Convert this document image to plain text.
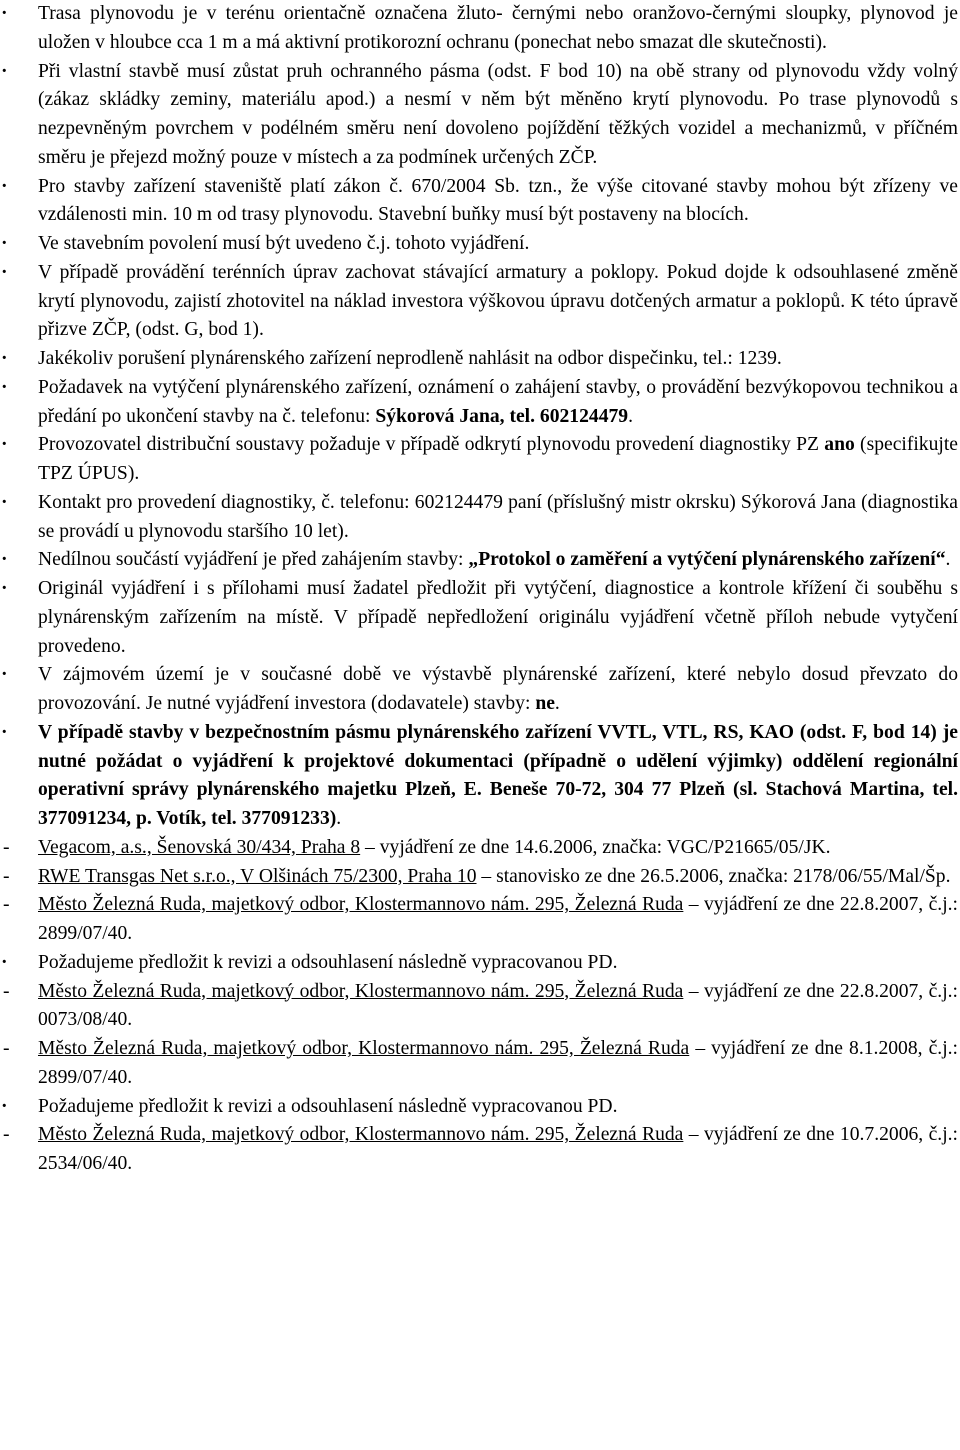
·	Trasa plynovodu je v terénu orientačně označena žluto- černými nebo oranžovo-černými sloupky, plynovod je uložen v hloubce cca 1 m a má aktivní protikorozní ochranu (ponechat nebo smazat dle skutečnosti).
·	Při vlastní stavbě musí zůstat pruh ochranného pásma (odst. F bod 10) na obě strany od plynovodu vždy volný (zákaz skládky zeminy, materiálu apod.) a nesmí v něm být měněno krytí plynovodu. Po trase plynovodů s nezpevněným povrchem v podélném směru není dovoleno pojíždění těžkých vozidel a mechanizmů, v příčném směru je přejezd možný pouze v místech a za podmínek určených ZČP.
·	Pro stavby zařízení staveniště platí zákon č. 670/2004 Sb. tzn., že výše citované stavby mohou být zřízeny ve vzdálenosti min. 10 m od trasy plynovodu. Stavební buňky musí být postaveny na blocích.
·	Ve stavebním povolení musí být uvedeno č.j. tohoto vyjádření.
·	V případě provádění terénních úprav zachovat stávající armatury a poklopy. Pokud dojde k odsouhlasené změně krytí plynovodu, zajistí zhotovitel na náklad investora výškovou úpravu dotčených armatur a poklopů. K této úpravě přizve ZČP, (odst. G, bod 1).
·	Jakékoliv porušení plynárenského zařízení neprodleně nahlásit na odbor dispečinku, tel.: 1239.
·	Požadavek na vytýčení plynárenského zařízení, oznámení o zahájení stavby, o provádění bezvýkopovou technikou a předání po ukončení stavby na č. telefonu: Sýkorová Jana, tel. 602124479.
·	Provozovatel distribuční soustavy požaduje v případě odkrytí plynovodu provedení diagnostiky PZ ano (specifikujte TPZ ÚPUS).
·	Kontakt pro provedení diagnostiky, č. telefonu: 602124479 paní (příslušný mistr okrsku) Sýkorová Jana (diagnostika se provádí u plynovodu staršího 10 let).
·	Nedílnou součástí vyjádření je před zahájením stavby: „Protokol o zaměření a vytýčení plynárenského zařízení“.
·	Originál vyjádření i s přílohami musí žadatel předložit při vytýčení, diagnostice a kontrole křížení či souběhu s plynárenským zařízením na místě. V případě nepředložení originálu vyjádření včetně příloh nebude vytyčení provedeno.
·	V zájmovém území je v současné době ve výstavbě plynárenské zařízení, které nebylo dosud převzato do provozování. Je nutné vyjádření investora (dodavatele) stavby: ne.
·	V případě stavby v bezpečnostním pásmu plynárenského zařízení VVTL, VTL, RS, KAO (odst. F, bod 14) je nutné požádat o vyjádření k projektové dokumentaci (případně o udělení výjimky) oddělení regionální operativní správy plynárenského majetku Plzeň, E. Beneše 70-72, 304 77 Plzeň (sl. Stachová Martina, tel. 377091234, p. Votík, tel. 377091233).
-	Vegacom, a.s., Šenovská 30/434, Praha 8 – vyjádření ze dne 14.6.2006, značka: VGC/P21665/05/JK.
-	RWE Transgas Net s.r.o., V Olšinách 75/2300, Praha 10 – stanovisko ze dne 26.5.2006, značka: 2178/06/55/Mal/Šp.
-	Město Železná Ruda, majetkový odbor, Klostermannovo nám. 295, Železná Ruda – vyjádření ze dne 22.8.2007, č.j.: 2899/07/40.
·	Požadujeme předložit k revizi a odsouhlasení následně vypracovanou PD.
-	Město Železná Ruda, majetkový odbor, Klostermannovo nám. 295, Železná Ruda – vyjádření ze dne 22.8.2007, č.j.: 0073/08/40.
-	Město Železná Ruda, majetkový odbor, Klostermannovo nám. 295, Železná Ruda – vyjádření ze dne 8.1.2008, č.j.: 2899/07/40.
·	Požadujeme předložit k revizi a odsouhlasení následně vypracovanou PD.
-	Město Železná Ruda, majetkový odbor, Klostermannovo nám. 295, Železná Ruda – vyjádření ze dne 10.7.2006, č.j.: 2534/06/40.
